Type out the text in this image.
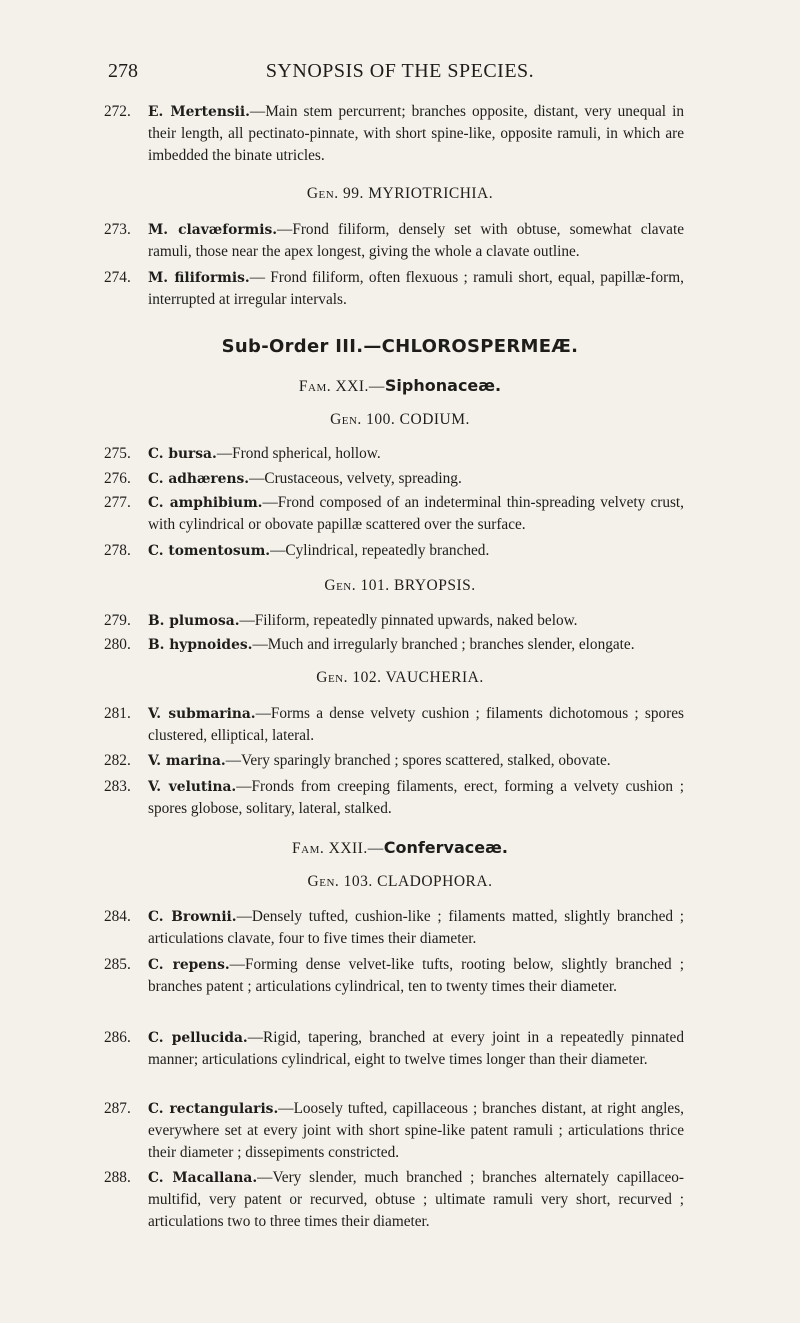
278	SYNOPSIS OF THE SPECIES.
272.	E. Mertensii.—Main stem percurrent; branches opposite, distant, very unequal in their length, all pectinato-pinnate, with short spine-like, opposite ramuli, in which are imbedded the binate utricles.
Gen. 99. MYRIOTRICHIA.
273.	M. clavæformis.—Frond filiform, densely set with obtuse, somewhat clavate ramuli, those near the apex longest, giving the whole a clavate outline.
274.	M. filiformis.— Frond filiform, often flexuous ; ramuli short, equal, papillæ-form, interrupted at irregular intervals.
Sub-Order III.—CHLOROSPERMEÆ.
Fam. XXI.—Siphonaceæ.
Gen. 100. CODIUM.
275.	C. bursa.—Frond spherical, hollow.
276.	C. adhærens.—Crustaceous, velvety, spreading.
277.	C. amphibium.—Frond composed of an indeterminal thin-spreading velvety crust, with cylindrical or obovate papillæ scattered over the surface.
278.	C. tomentosum.—Cylindrical, repeatedly branched.
Gen. 101. BRYOPSIS.
279.	B. plumosa.—Filiform, repeatedly pinnated upwards, naked below.
280.	B. hypnoides.—Much and irregularly branched ; branches slender, elongate.
Gen. 102. VAUCHERIA.
281.	V. submarina.—Forms a dense velvety cushion ; filaments dichotomous ; spores clustered, elliptical, lateral.
282.	V. marina.—Very sparingly branched ; spores scattered, stalked, obovate.
283.	V. velutina.—Fronds from creeping filaments, erect, forming a velvety cushion ; spores globose, solitary, lateral, stalked.
Fam. XXII.—Confervaceæ.
Gen. 103. CLADOPHORA.
284.	C. Brownii.—Densely tufted, cushion-like ; filaments matted, slightly branched ; articulations clavate, four to five times their diameter.
285.	C. repens.—Forming dense velvet-like tufts, rooting below, slightly branched ; branches patent ; articulations cylindrical, ten to twenty times their diameter.
286.	C. pellucida.—Rigid, tapering, branched at every joint in a repeatedly pinnated manner; articulations cylindrical, eight to twelve times longer than their diameter.
287.	C. rectangularis.—Loosely tufted, capillaceous ; branches distant, at right angles, everywhere set at every joint with short spine-like patent ramuli ; articulations thrice their diameter ; dissepiments constricted.
288.	C. Macallana.—Very slender, much branched ; branches alternately capillaceo-multifid, very patent or recurved, obtuse ; ultimate ramuli very short, recurved ; articulations two to three times their diameter.
